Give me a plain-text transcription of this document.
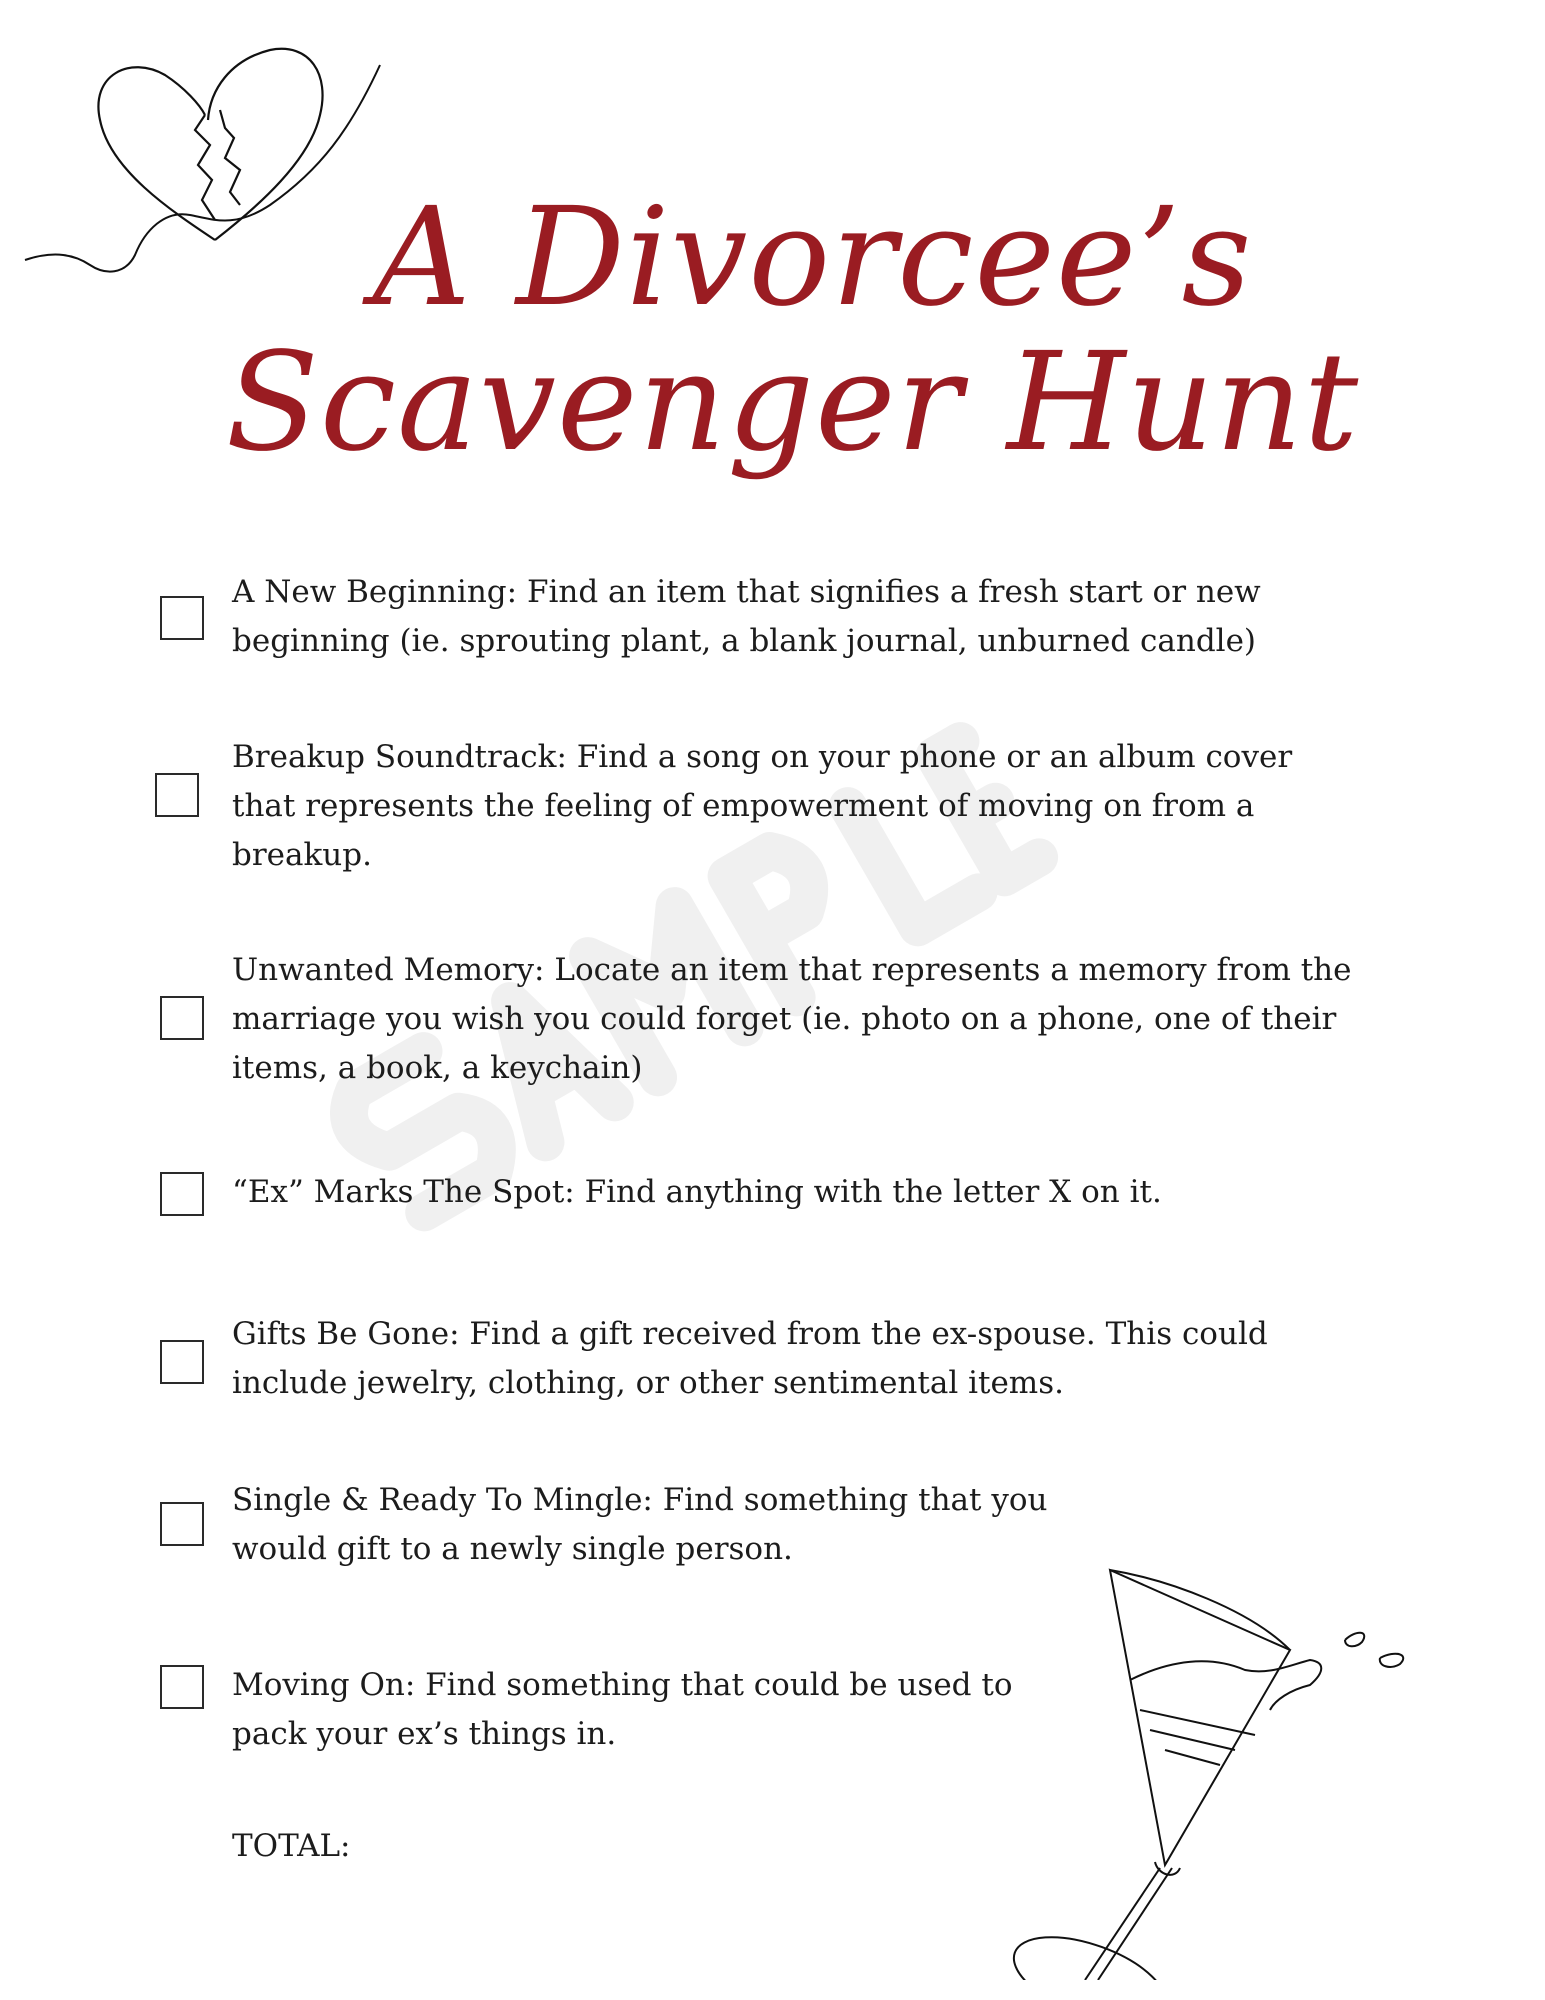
A Divorcee’s
Scavenger Hunt
A New Beginning: Find an item that signifies a fresh start or new beginning (ie. sprouting plant, a blank journal, unburned candle)
Breakup Soundtrack: Find a song on your phone or an album cover that represents the feeling of empowerment of moving on from a breakup.
Unwanted Memory: Locate an item that represents a memory from the marriage you wish you could forget (ie. photo on a phone, one of their items, a book, a keychain)
“Ex” Marks The Spot: Find anything with the letter X on it.
Gifts Be Gone: Find a gift received from the ex-spouse. This could include jewelry, clothing, or other sentimental items.
Single & Ready To Mingle: Find something that you would gift to a newly single person.
Moving On: Find something that could be used to pack your ex’s things in.
TOTAL:
